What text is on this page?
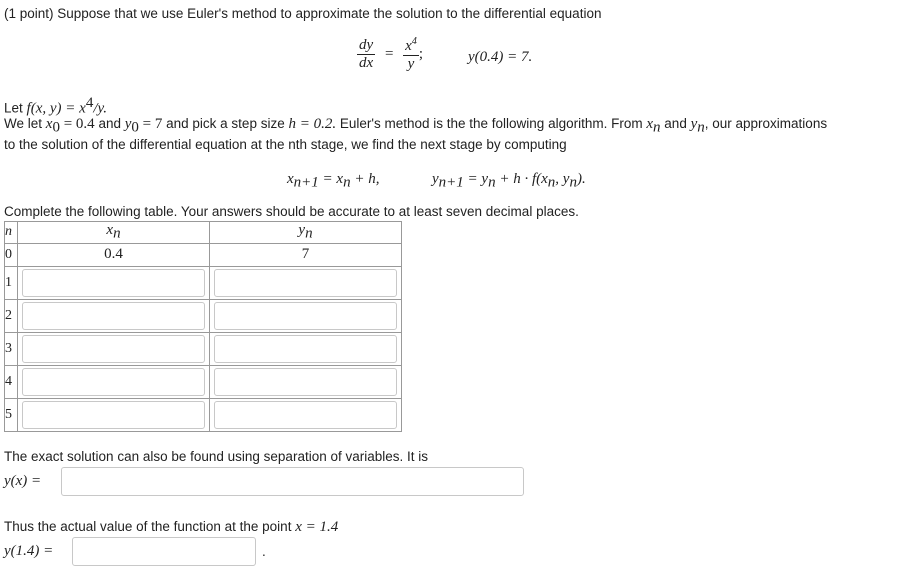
(1 point) Suppose that we use Euler's method to approximate the solution to the differential equation
$\frac{dy}{dx} = \frac{x^4}{y}$ ;	y(0.4) = 7.
Let f(x, $y) = x^4/y$.
We let $x_0 = 0.4$ and $y_0 = 7$ and pick a step size h = 0.2. Euler's method is the the following algorithm. From $x_n$ and $y_n$, our approximations
to the solution of the differential equation at the nth stage, we find the next stage by computing
$x_{n+1} = x_n + h$,	$y_{n+1} = y_n + h \cdot f(x_n$, $y_n$).
Complete the following table. Your answers should be accurate to at least seven decimal places.
n	$x_n$	$y_n$
0	0.4	7
1	

2	

3	

4	

5	

The exact solution can also be found using separation of variables. It is
y(x) =
Thus the actual value of the function at the point x = 1.4
y(1.4) =	.
